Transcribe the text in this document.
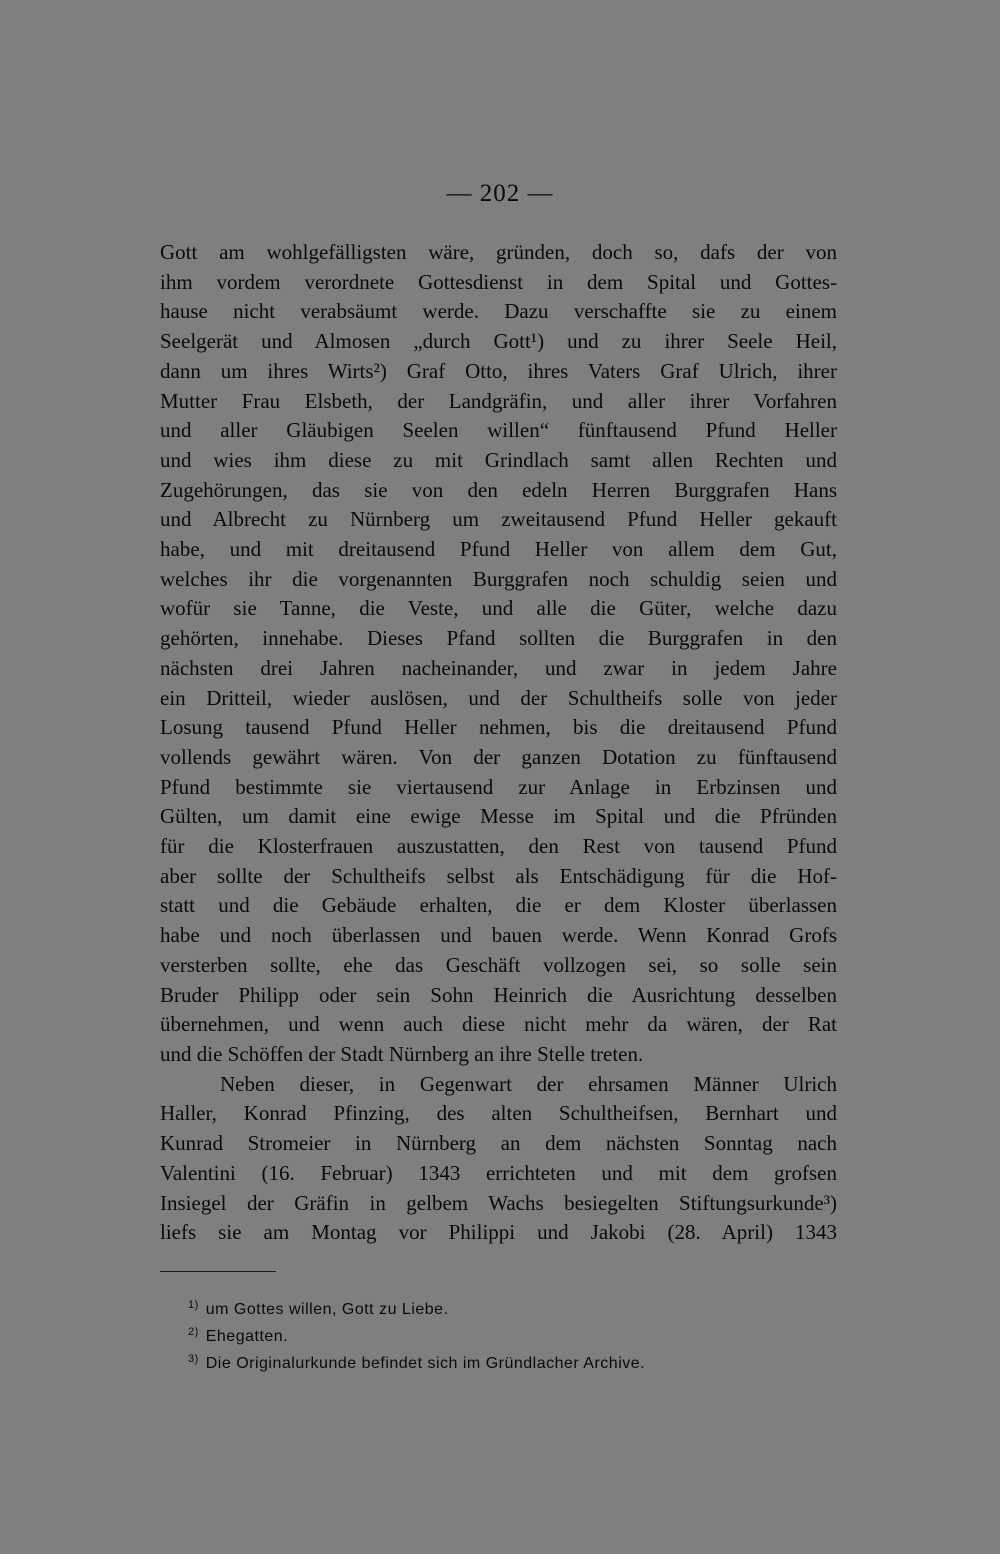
— 202 —
Gott am wohlgefälligsten wäre, gründen, doch so, dafs der von
ihm vordem verordnete Gottesdienst in dem Spital und Gottes-
hause nicht verabsäumt werde. Dazu verschaffte sie zu einem
Seelgerät und Almosen „durch Gott¹) und zu ihrer Seele Heil,
dann um ihres Wirts²) Graf Otto, ihres Vaters Graf Ulrich, ihrer
Mutter Frau Elsbeth, der Landgräfin, und aller ihrer Vorfahren
und aller Gläubigen Seelen willen“ fünftausend Pfund Heller
und wies ihm diese zu mit Grindlach samt allen Rechten und
Zugehörungen, das sie von den edeln Herren Burggrafen Hans
und Albrecht zu Nürnberg um zweitausend Pfund Heller gekauft
habe, und mit dreitausend Pfund Heller von allem dem Gut,
welches ihr die vorgenannten Burggrafen noch schuldig seien und
wofür sie Tanne, die Veste, und alle die Güter, welche dazu
gehörten, innehabe. Dieses Pfand sollten die Burggrafen in den
nächsten drei Jahren nacheinander, und zwar in jedem Jahre
ein Dritteil, wieder auslösen, und der Schultheifs solle von jeder
Losung tausend Pfund Heller nehmen, bis die dreitausend Pfund
vollends gewährt wären. Von der ganzen Dotation zu fünftausend
Pfund bestimmte sie viertausend zur Anlage in Erbzinsen und
Gülten, um damit eine ewige Messe im Spital und die Pfründen
für die Klosterfrauen auszustatten, den Rest von tausend Pfund
aber sollte der Schultheifs selbst als Entschädigung für die Hof-
statt und die Gebäude erhalten, die er dem Kloster überlassen
habe und noch überlassen und bauen werde. Wenn Konrad Grofs
versterben sollte, ehe das Geschäft vollzogen sei, so solle sein
Bruder Philipp oder sein Sohn Heinrich die Ausrichtung desselben
übernehmen, und wenn auch diese nicht mehr da wären, der Rat
und die Schöffen der Stadt Nürnberg an ihre Stelle treten.
Neben dieser, in Gegenwart der ehrsamen Männer Ulrich
Haller, Konrad Pfinzing, des alten Schultheifsen, Bernhart und
Kunrad Stromeier in Nürnberg an dem nächsten Sonntag nach
Valentini (16. Februar) 1343 errichteten und mit dem grofsen
Insiegel der Gräfin in gelbem Wachs besiegelten Stiftungsurkunde³)
liefs sie am Montag vor Philippi und Jakobi (28. April) 1343
$^{1)}$ um Gottes willen, Gott zu Liebe.
$^{2)}$ Ehegatten.
$^{3)}$ Die Originalurkunde befindet sich im Gründlacher Archive.
